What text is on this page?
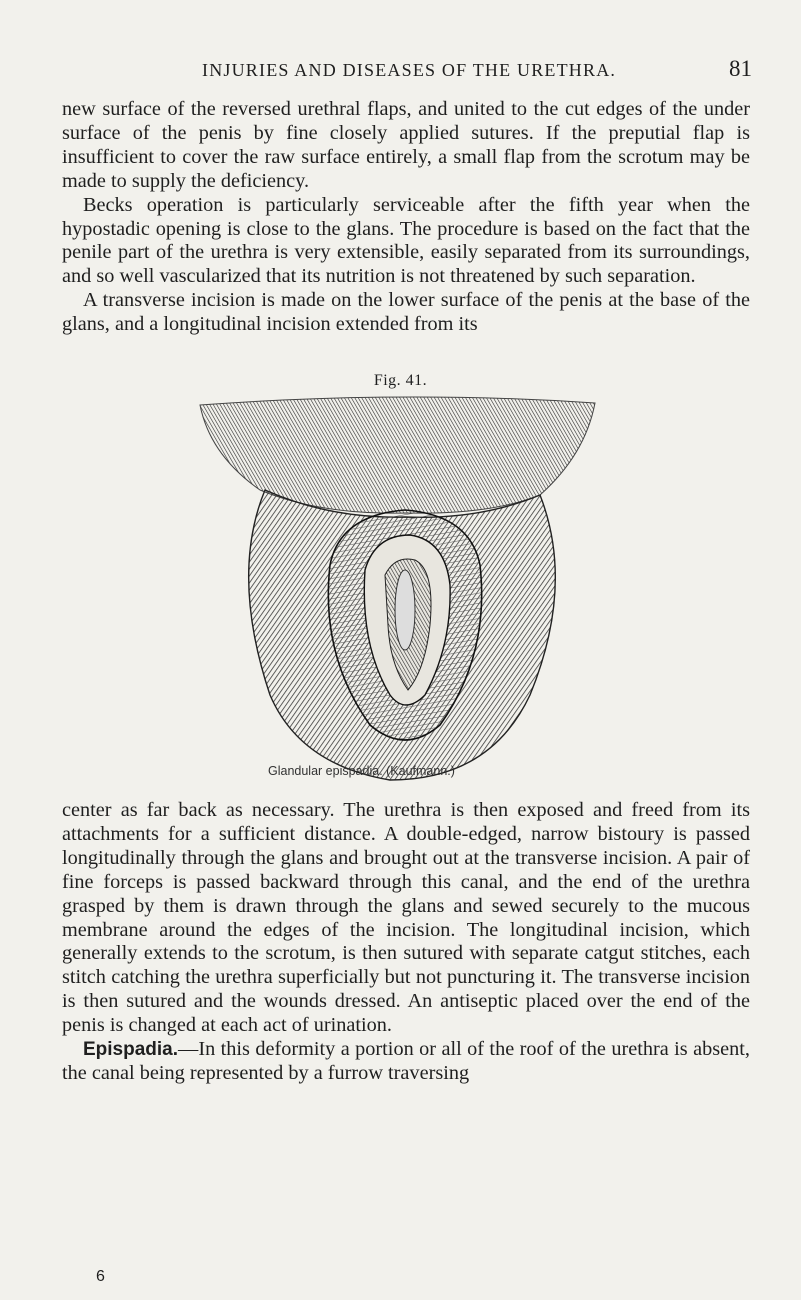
INJURIES AND DISEASES OF THE URETHRA.	81

new surface of the reversed urethral flaps, and united to the cut edges of the under surface of the penis by fine closely applied sutures. If the preputial flap is insufficient to cover the raw surface entirely, a small flap from the scrotum may be made to supply the deficiency.

Becks operation is particularly serviceable after the fifth year when the hypostadic opening is close to the glans. The procedure is based on the fact that the penile part of the urethra is very extensible, easily separated from its surroundings, and so well vascularized that its nutrition is not threatened by such separation.

A transverse incision is made on the lower surface of the penis at the base of the glans, and a longitudinal incision extended from its

Fig. 41.
Glandular epispadia. (Kaufmann.)

center as far back as necessary. The urethra is then exposed and freed from its attachments for a sufficient distance. A double-edged, narrow bistoury is passed longitudinally through the glans and brought out at the transverse incision. A pair of fine forceps is passed backward through this canal, and the end of the urethra grasped by them is drawn through the glans and sewed securely to the mucous membrane around the edges of the incision. The longitudinal incision, which generally extends to the scrotum, is then sutured with separate catgut stitches, each stitch catching the urethra superficially but not puncturing it. The transverse incision is then sutured and the wounds dressed. An antiseptic placed over the end of the penis is changed at each act of urination.

Epispadia.—In this deformity a portion or all of the roof of the urethra is absent, the canal being represented by a furrow traversing

6
